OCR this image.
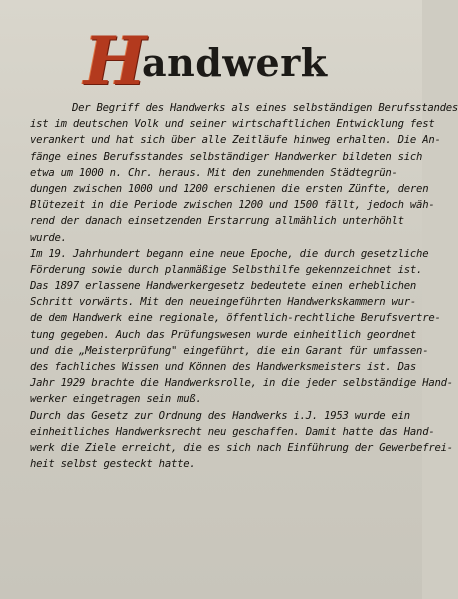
H
andwerk
Der Begriff des Handwerks als eines selbständigen Berufsstandes
ist im deutschen Volk und seiner wirtschaftlichen Entwicklung fest
verankert und hat sich über alle Zeitläufe hinweg erhalten. Die An-
fänge eines Berufsstandes selbständiger Handwerker bildeten sich
etwa um 1000 n. Chr. heraus. Mit den zunehmenden Städtegrün-
dungen zwischen 1000 und 1200 erschienen die ersten Zünfte, deren
Blütezeit in die Periode zwischen 1200 und 1500 fällt, jedoch wäh-
rend der danach einsetzenden Erstarrung allmählich unterhöhlt
wurde.
Im 19. Jahrhundert begann eine neue Epoche, die durch gesetzliche
Förderung sowie durch planmäßige Selbsthilfe gekennzeichnet ist.
Das 1897 erlassene Handwerkergesetz bedeutete einen erheblichen
Schritt vorwärts. Mit den neueingeführten Handwerkskammern wur-
de dem Handwerk eine regionale, öffentlich-rechtliche Berufsvertre-
tung gegeben. Auch das Prüfungswesen wurde einheitlich geordnet
und die „Meisterprüfung" eingeführt, die ein Garant für umfassen-
des fachliches Wissen und Können des Handwerksmeisters ist. Das
Jahr 1929 brachte die Handwerksrolle, in die jeder selbständige Hand-
werker eingetragen sein muß.
Durch das Gesetz zur Ordnung des Handwerks i.J. 1953 wurde ein
einheitliches Handwerksrecht neu geschaffen. Damit hatte das Hand-
werk die Ziele erreicht, die es sich nach Einführung der Gewerbefrei-
heit selbst gesteckt hatte.
